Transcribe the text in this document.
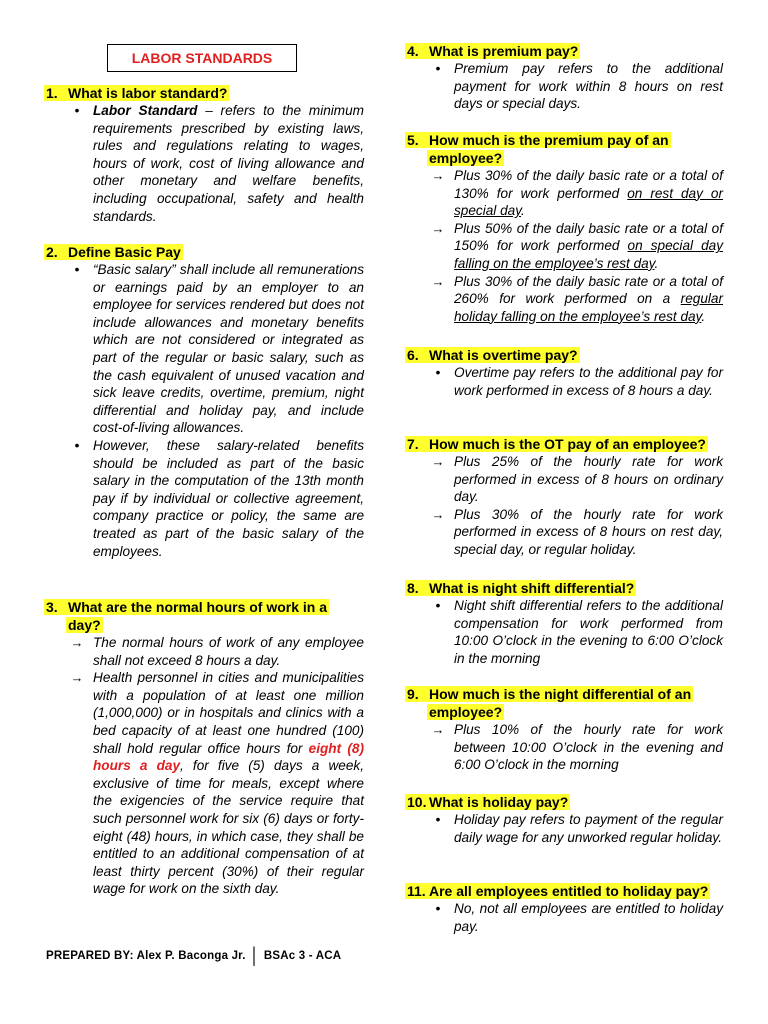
LABOR STANDARDS

1. What is labor standard?

•	Labor Standard – refers to the minimum requirements prescribed by existing laws, rules and regulations relating to wages, hours of work, cost of living allowance and other monetary and welfare benefits, including occupational, safety and health standards.

2. Define Basic Pay

•	“Basic salary” shall include all remunerations or earnings paid by an employer to an employee for services rendered but does not include allowances and monetary benefits which are not considered or integrated as part of the regular or basic salary, such as the cash equivalent of unused vacation and sick leave credits, overtime, premium, night differential and holiday pay, and include cost-of-living allowances.
•	However, these salary-related benefits should be included as part of the basic salary in the computation of the 13th month pay if by individual or collective agreement, company practice or policy, the same are treated as part of the basic salary of the employees.

3. What are the normal hours of work in a

day?

→ The normal hours of work of any employee shall not exceed 8 hours a day.
→ Health personnel in cities and municipalities with a population of at least one million (1,000,000) or in hospitals and clinics with a bed capacity of at least one hundred (100) shall hold regular office hours for eight (8) hours a day, for five (5) days a week, exclusive of time for meals, except where the exigencies of the service require that such personnel work for six (6) days or forty-eight (48) hours, in which case, they shall be entitled to an additional compensation of at least thirty percent (30%) of their regular wage for work on the sixth day.

4. What is premium pay?

•	Premium pay refers to the additional payment for work within 8 hours on rest days or special days.

5. How much is the premium pay of an

employee?

→ Plus 30% of the daily basic rate or a total of 130% for work performed on rest day or special day.
→ Plus 50% of the daily basic rate or a total of 150% for work performed on special day falling on the employee’s rest day.
→ Plus 30% of the daily basic rate or a total of 260% for work performed on a regular holiday falling on the employee’s rest day.

6. What is overtime pay?

•	Overtime pay refers to the additional pay for work performed in excess of 8 hours a day.

7. How much is the OT pay of an employee?

→ Plus 25% of the hourly rate for work performed in excess of 8 hours on ordinary day.
→ Plus 30% of the hourly rate for work performed in excess of 8 hours on rest day, special day, or regular holiday.

8. What is night shift differential?

•	Night shift differential refers to the additional compensation for work performed from 10:00 O’clock in the evening to 6:00 O’clock in the morning

9. How much is the night differential of an

employee?

→ Plus 10% of the hourly rate for work between 10:00 O’clock in the evening and 6:00 O’clock in the morning

10. What is holiday pay?

•	Holiday pay refers to payment of the regular daily wage for any unworked regular holiday.

11. Are all employees entitled to holiday pay?

•	No, not all employees are entitled to holiday pay.
PREPARED BY: Alex P. Baconga Jr. │ BSAc 3 - ACA
